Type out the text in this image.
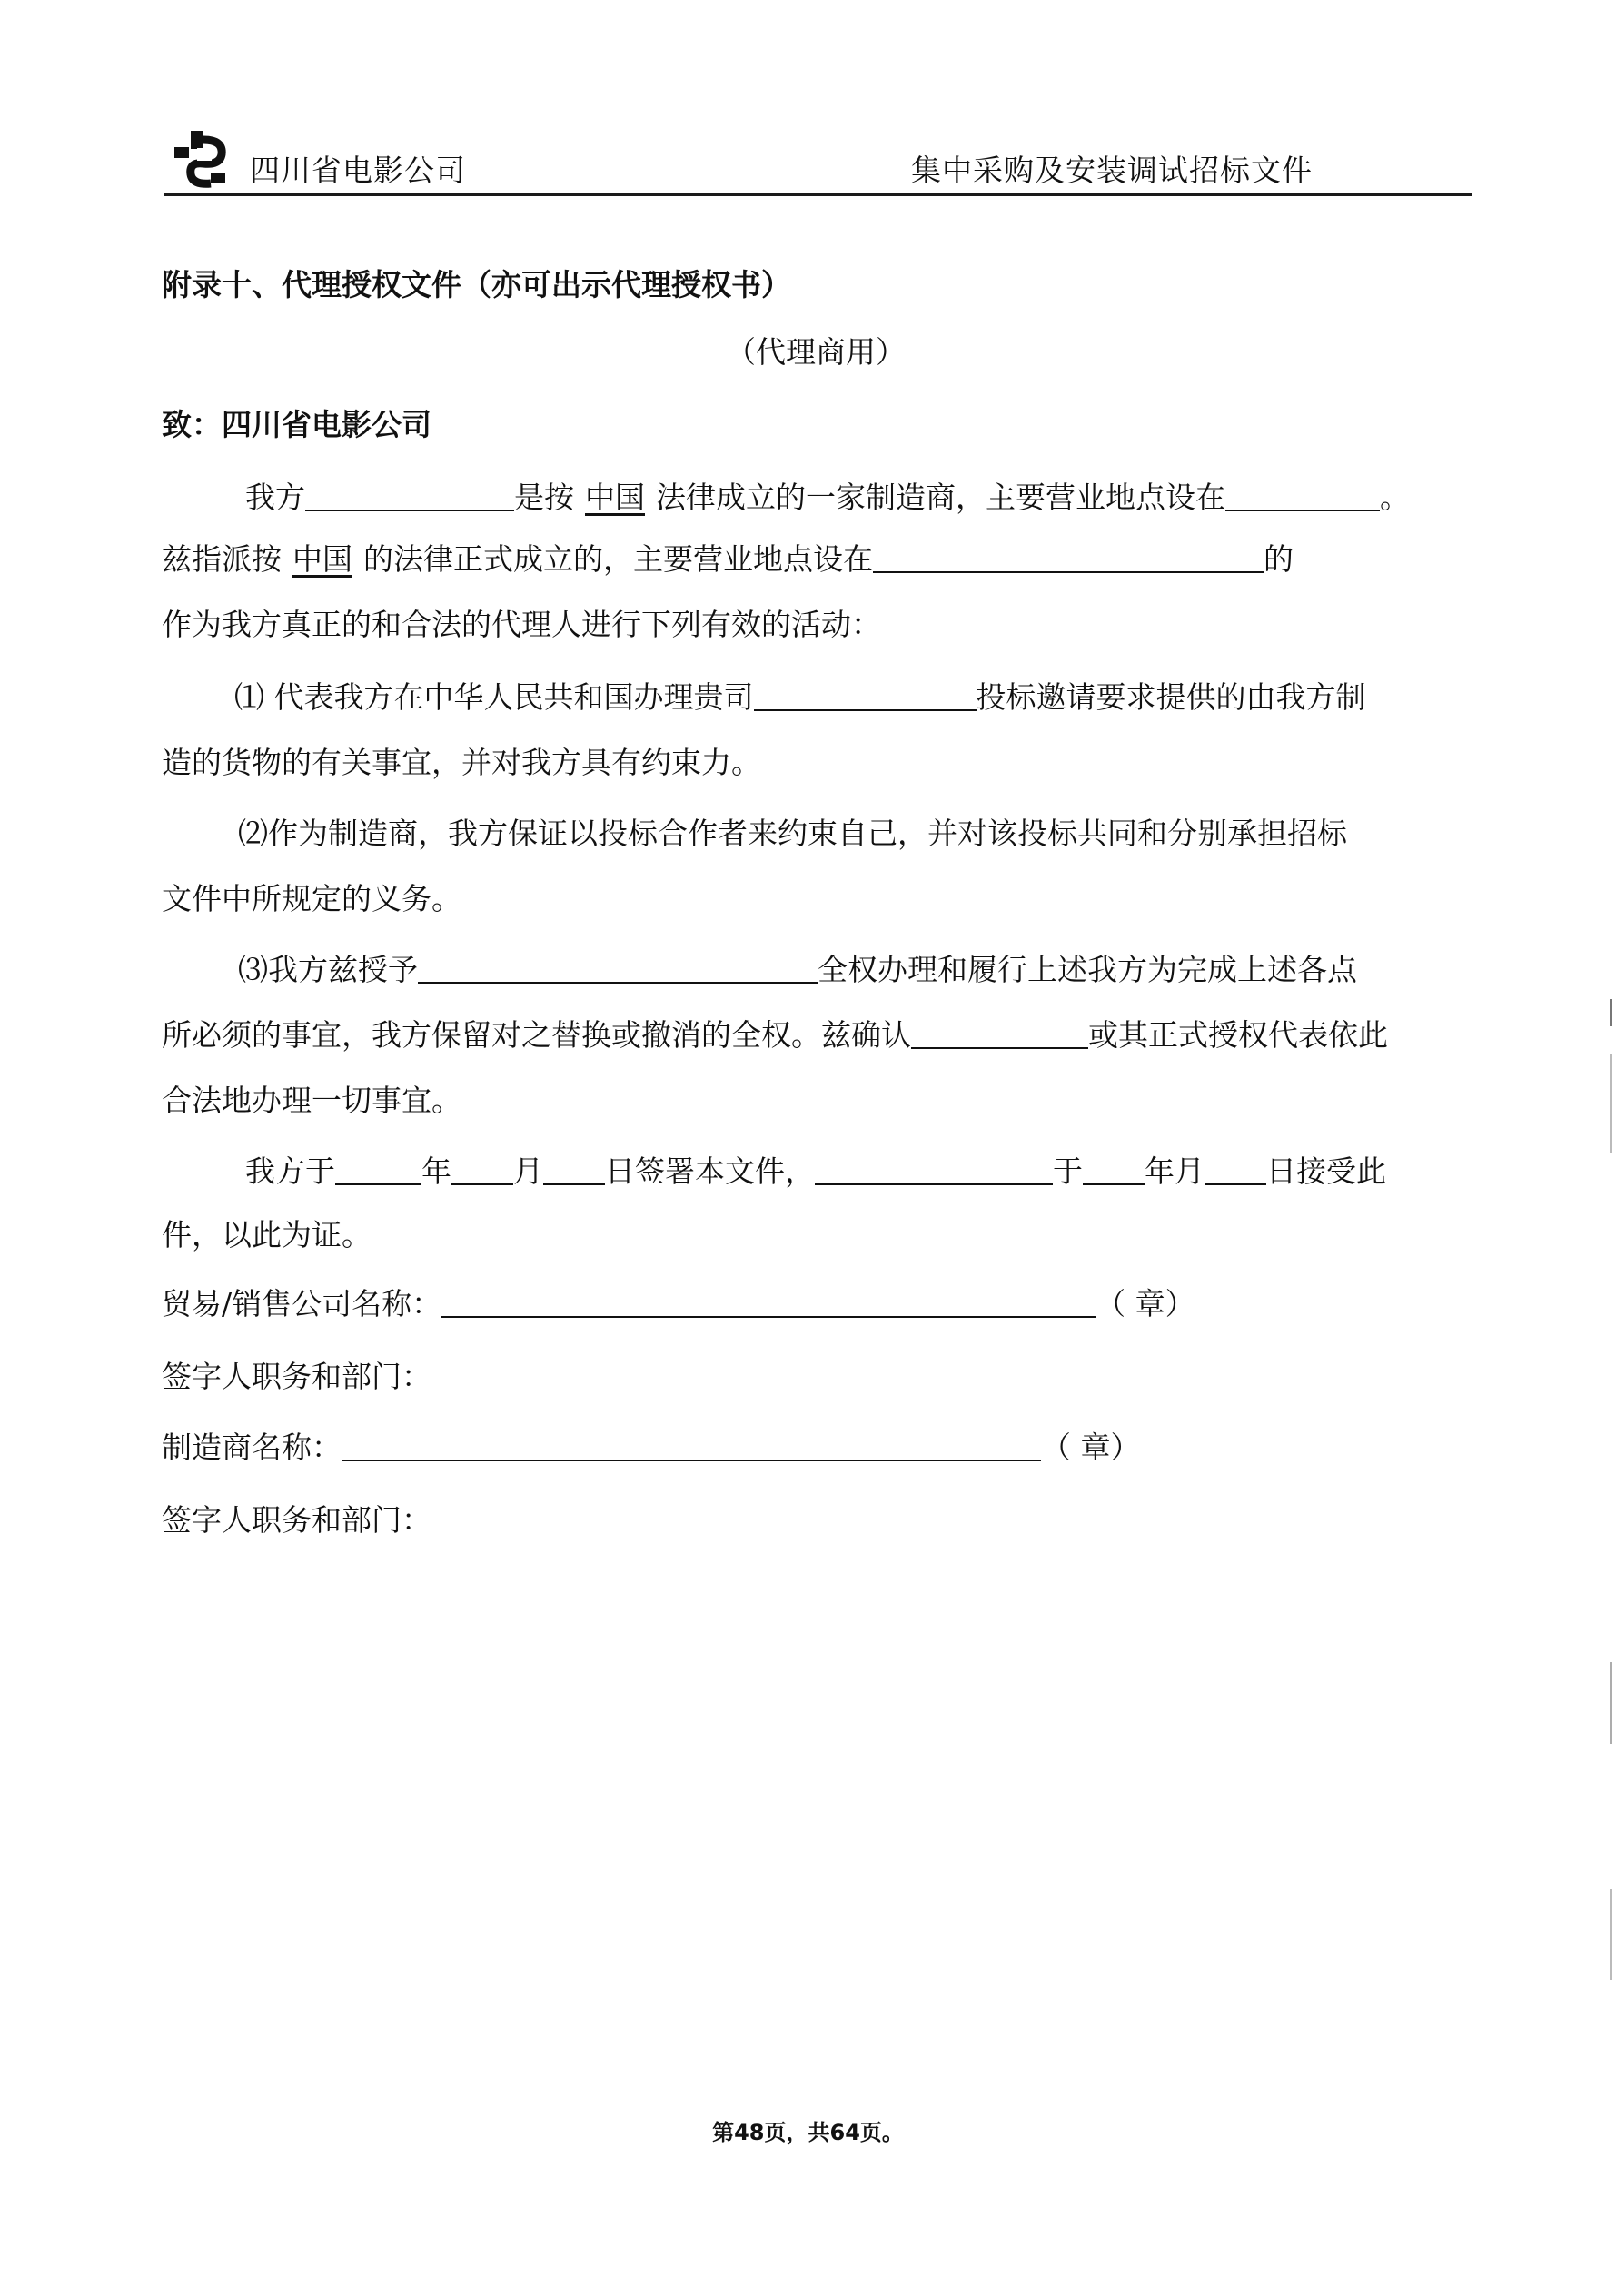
四川省电影公司	集中采购及安装调试招标文件
附录十、代理授权文件（亦可出示代理授权书）
（代理商用）
致：四川省电影公司
我方	是按 中国 法律成立的一家制造商，主要营业地点设在	。
兹指派按 中国 的法律正式成立的，主要营业地点设在	的
作为我方真正的和合法的代理人进行下列有效的活动：
⑴ 代表我方在中华人民共和国办理贵司	投标邀请要求提供的由我方制
造的货物的有关事宜，并对我方具有约束力。
⑵作为制造商，我方保证以投标合作者来约束自己，并对该投标共同和分别承担招标
文件中所规定的义务。
⑶我方兹授予	全权办理和履行上述我方为完成上述各点
所必须的事宜，我方保留对之替换或撤消的全权。兹确认	或其正式授权代表依此
合法地办理一切事宜。
我方于	年 月 日签署本文件，	于 年月 日接受此
件，以此为证。
贸易/销售公司名称：	（ 章）
签字人职务和部门：
制造商名称：	（ 章）
签字人职务和部门：
第48页，共64页。
